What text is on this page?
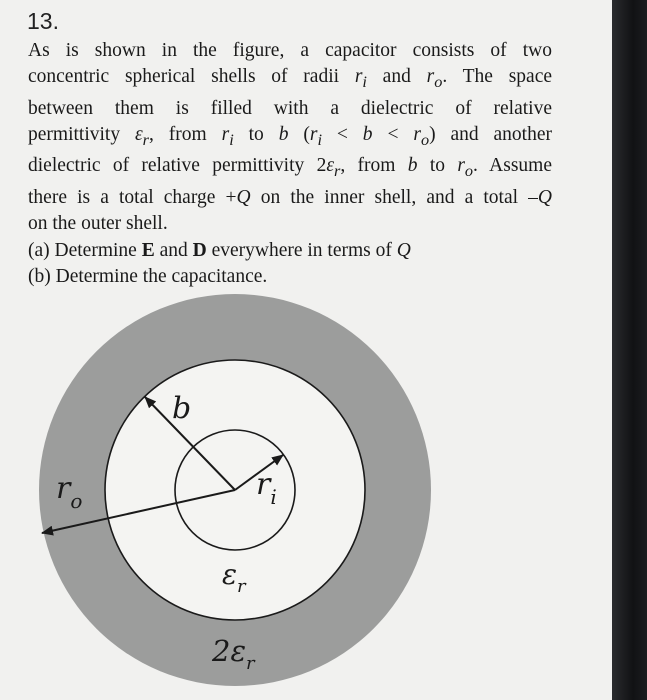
13.

As is shown in the figure, a capacitor consists of two

concentric spherical shells of radii $r_i$ and $r_o$. The space

between them is filled with a dielectric of relative

permittivity $\varepsilon_r$, from $r_i$ to b $(r_i < b < r_o)$ and another

dielectric of relative permittivity $2\varepsilon_r$, from b to $r_o$. Assume

there is a total charge +Q on the inner shell, and a total –Q

on the outer shell.

(a) Determine E and D everywhere in terms of Q

(b) Determine the capacitance.

b
$r_o$	$r_i$
$\varepsilon_r$
$2\varepsilon_r$
